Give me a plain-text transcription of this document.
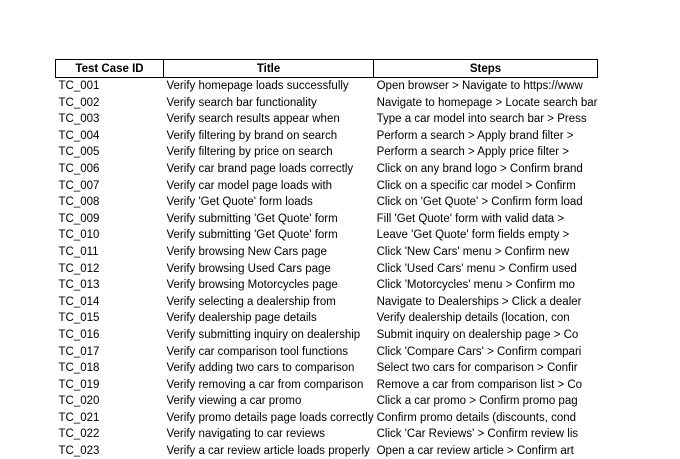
Test Case ID	Title	Steps
TC_001	Verify homepage loads successfully	Open browser > Navigate to https://www
TC_002	Verify search bar functionality	Navigate to homepage > Locate search bar
TC_003	Verify search results appear when	Type a car model into search bar > Press
TC_004	Verify filtering by brand on search	Perform a search > Apply brand filter >
TC_005	Verify filtering by price on search	Perform a search > Apply price filter >
TC_006	Verify car brand page loads correctly	Click on any brand logo > Confirm brand
TC_007	Verify car model page loads with	Click on a specific car model > Confirm
TC_008	Verify 'Get Quote' form loads	Click on 'Get Quote' > Confirm form load
TC_009	Verify submitting 'Get Quote' form	Fill 'Get Quote' form with valid data >
TC_010	Verify submitting 'Get Quote' form	Leave 'Get Quote' form fields empty >
TC_011	Verify browsing New Cars page	Click 'New Cars' menu > Confirm new
TC_012	Verify browsing Used Cars page	Click 'Used Cars' menu > Confirm used
TC_013	Verify browsing Motorcycles page	Click 'Motorcycles' menu > Confirm mo
TC_014	Verify selecting a dealership from	Navigate to Dealerships > Click a dealer
TC_015	Verify dealership page details	Verify dealership details (location, con
TC_016	Verify submitting inquiry on dealership	Submit inquiry on dealership page > Co
TC_017	Verify car comparison tool functions	Click 'Compare Cars' > Confirm compari
TC_018	Verify adding two cars to comparison	Select two cars for comparison > Confir
TC_019	Verify removing a car from comparison	Remove a car from comparison list > Co
TC_020	Verify viewing a car promo	Click a car promo > Confirm promo pag
TC_021	Verify promo details page loads correctly	Confirm promo details (discounts, cond
TC_022	Verify navigating to car reviews	Click 'Car Reviews' > Confirm review lis
TC_023	Verify a car review article loads properly	Open a car review article > Confirm art
